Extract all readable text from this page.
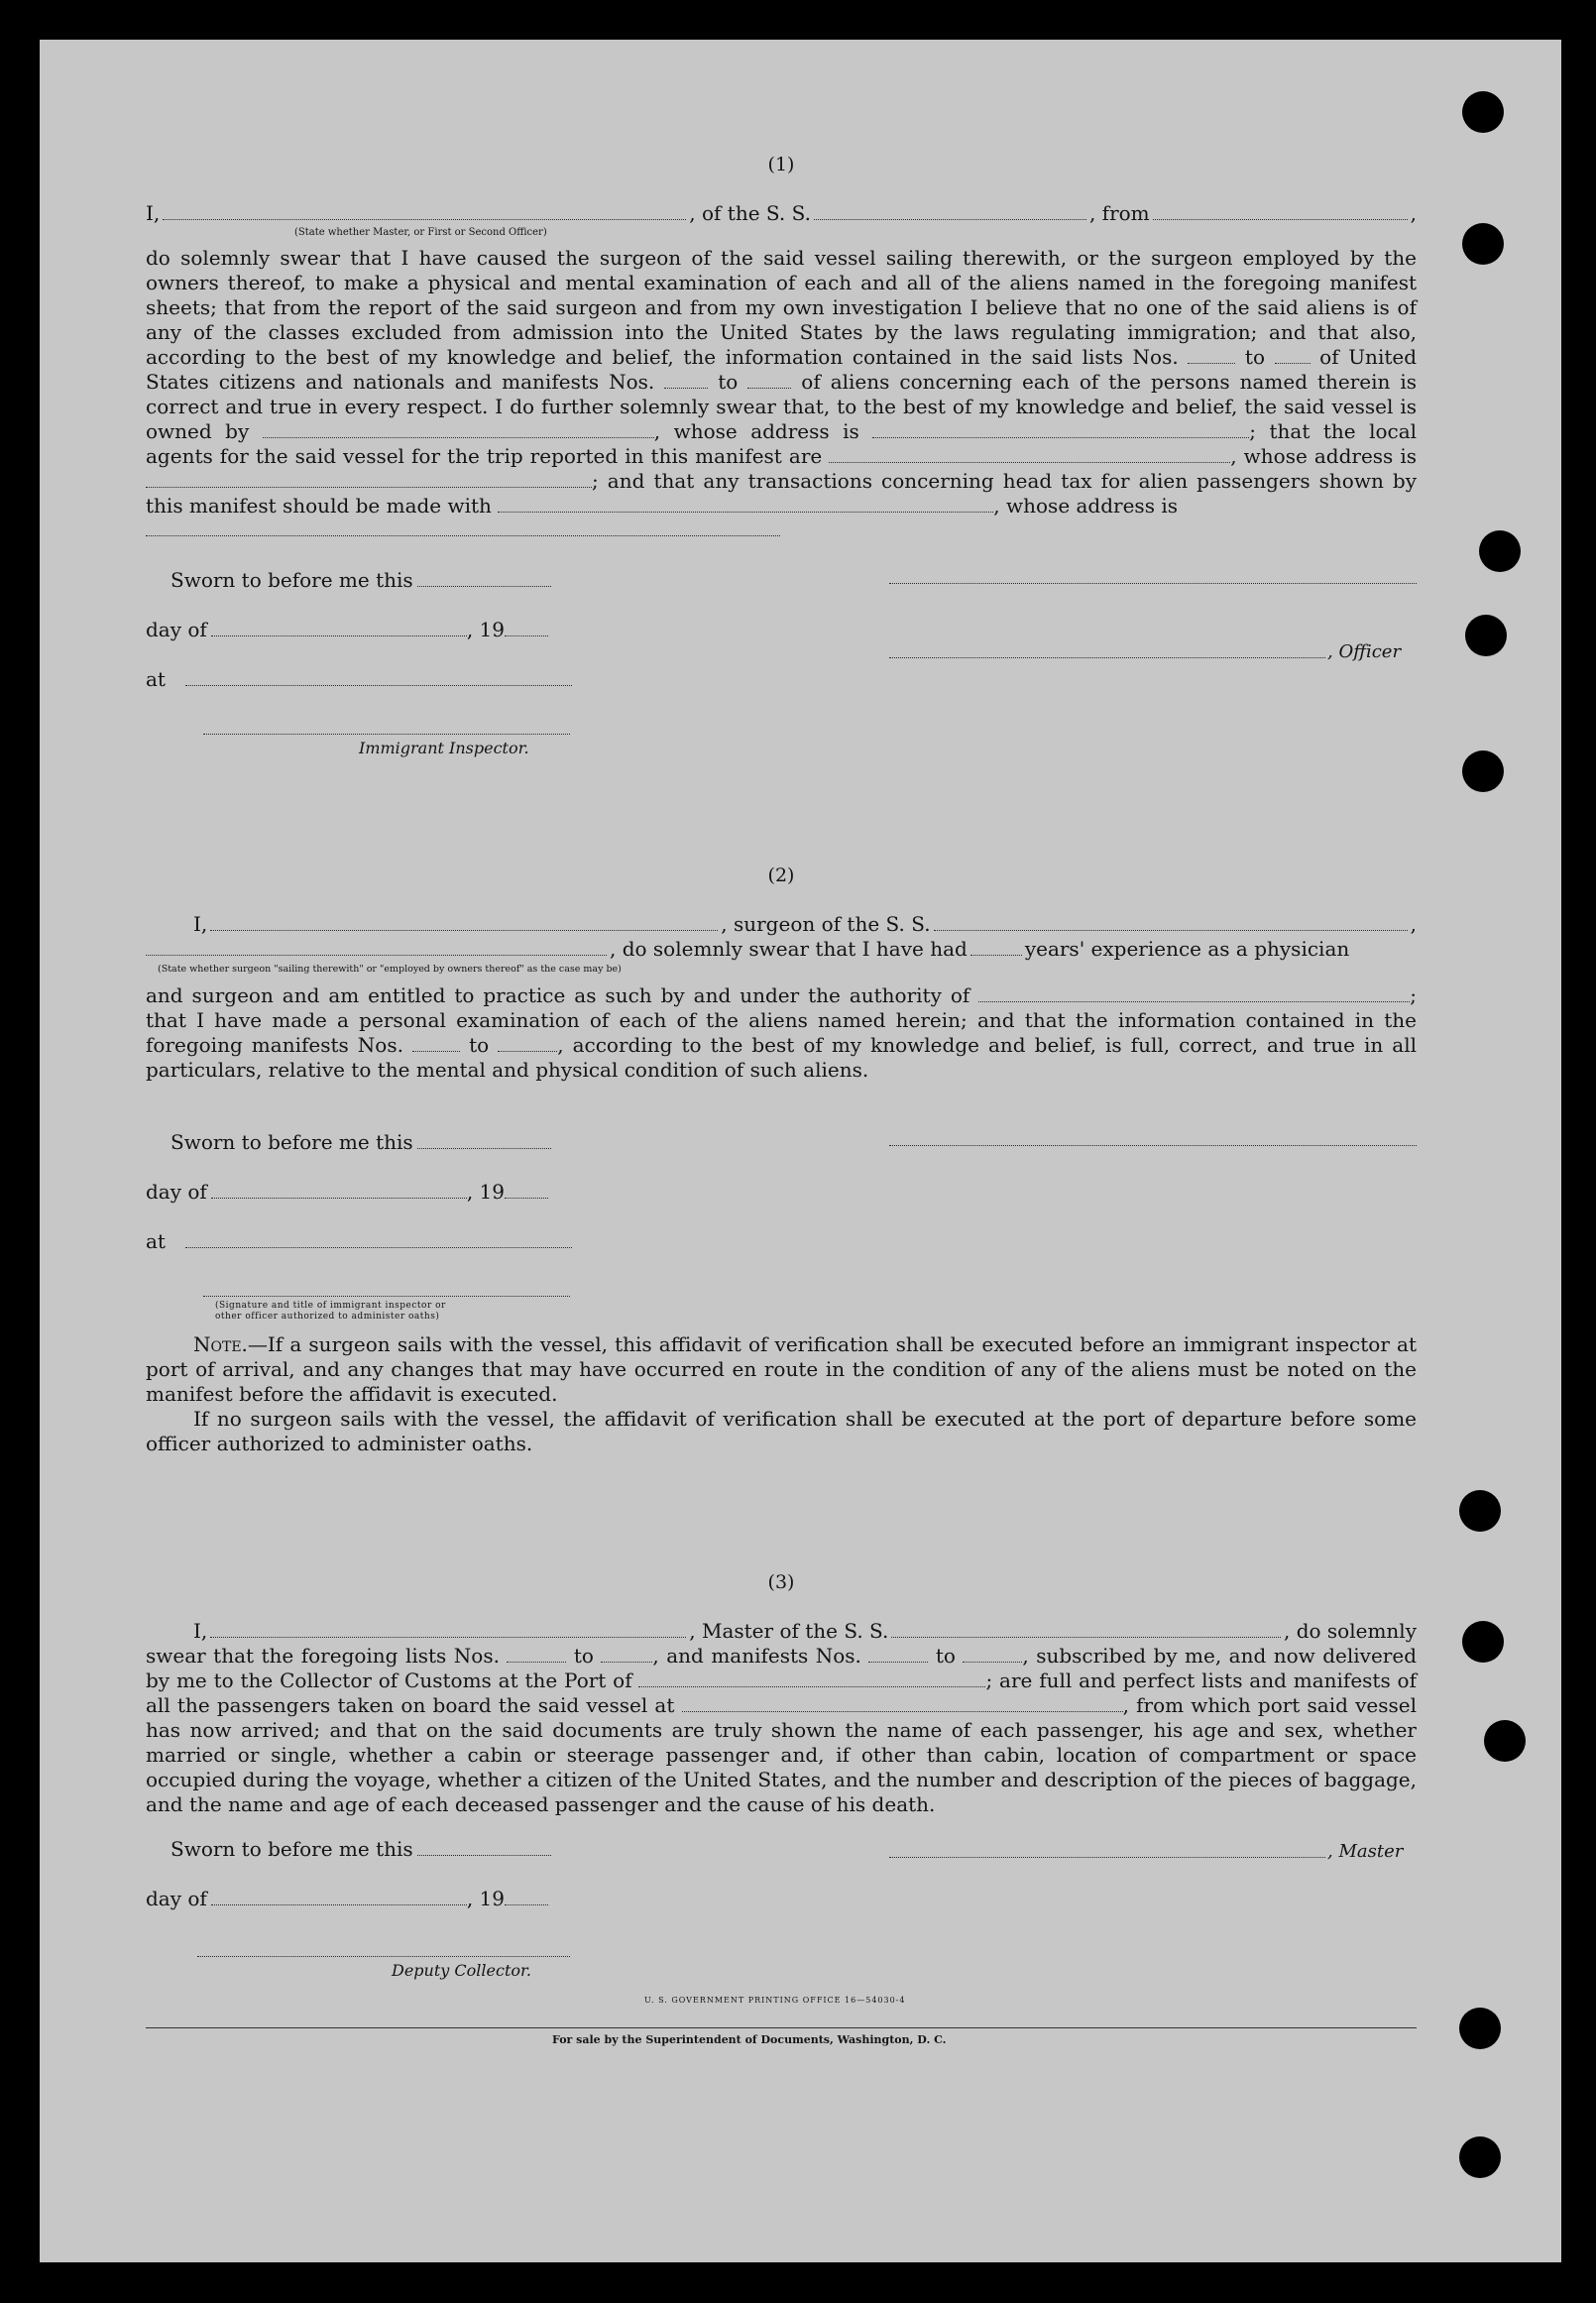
(1)
I,	, of the S. S.	, from	,
(State whether Master, or First or Second Officer)
do solemnly swear that I have caused the surgeon of the said vessel sailing therewith, or the surgeon employed by the owners thereof, to make a physical and mental examination of each and all of the aliens named in the foregoing manifest sheets; that from the report of the said surgeon and from my own investigation I believe that no one of the said aliens is of any of the classes excluded from admission into the United States by the laws regulating immigration; and that also, according to the best of my knowledge and belief, the information contained in the said lists Nos.	to	of United States citizens and nationals and manifests Nos.	to	of aliens concerning each of the persons named therein is correct and true in every respect. I do further solemnly swear that, to the best of my knowledge and belief, the said vessel is owned by	, whose address is	; that the local agents for the said vessel for the trip reported in this manifest are	, whose address is ; and that any transactions concerning head tax for alien passengers shown by this manifest should be made with	, whose address is
Sworn to before me this
day of	, 19
, Officer
at
Immigrant Inspector.
(2)
I,	, surgeon of the S. S.	,
, do solemnly swear that I have had	years' experience as a physician
(State whether surgeon "sailing therewith" or "employed by owners thereof" as the case may be)
and surgeon and am entitled to practice as such by and under the authority of	; that I have made a personal examination of each of the aliens named herein; and that the information contained in the foregoing manifests Nos.	to	, according to the best of my knowledge and belief, is full, correct, and true in all particulars, relative to the mental and physical condition of such aliens.
Sworn to before me this
day of	, 19
at
(Signature and title of immigrant inspector or
other officer authorized to administer oaths)
Note.—If a surgeon sails with the vessel, this affidavit of verification shall be executed before an immigrant inspector at port of arrival, and any changes that may have occurred en route in the condition of any of the aliens must be noted on the manifest before the affidavit is executed.
If no surgeon sails with the vessel, the affidavit of verification shall be executed at the port of departure before some officer authorized to administer oaths.
(3)
I,	, Master of the S. S.	, do solemnly
swear that the foregoing lists Nos.	to	, and manifests Nos.	to	, subscribed by me, and now delivered by me to the Collector of Customs at the Port of	; are full and perfect lists and manifests of all the passengers taken on board the said vessel at	, from which port said vessel has now arrived; and that on the said documents are truly shown the name of each passenger, his age and sex, whether married or single, whether a cabin or steerage passenger and, if other than cabin, location of compartment or space occupied during the voyage, whether a citizen of the United States, and the number and description of the pieces of baggage, and the name and age of each deceased passenger and the cause of his death.
Sworn to before me this	, Master
day of	, 19
Deputy Collector.
U. S. GOVERNMENT PRINTING OFFICE 16—54030-4
For sale by the Superintendent of Documents, Washington, D. C.
